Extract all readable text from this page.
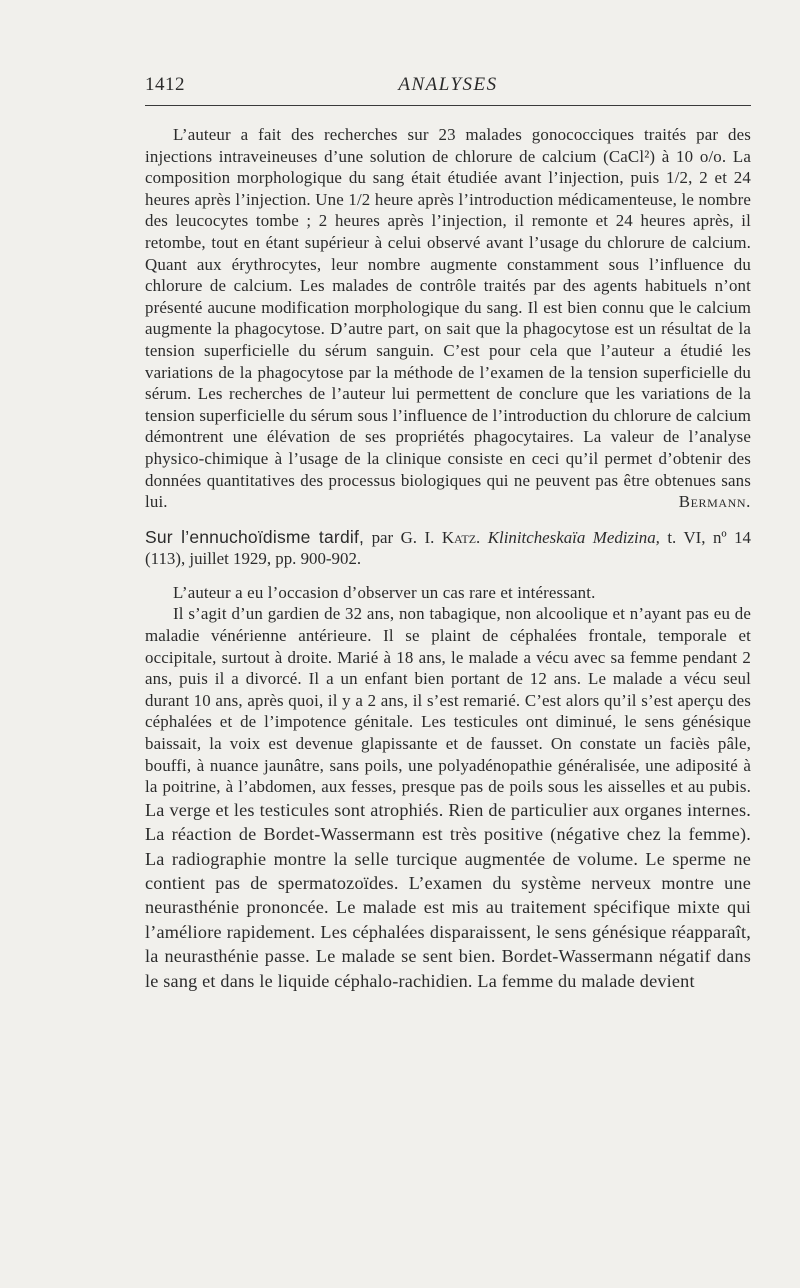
1412	ANALYSES

L’auteur a fait des recherches sur 23 malades gonococciques traités par des injections intraveineuses d’une solution de chlorure de calcium (CaCl²) à 10 o/o. La composition morphologique du sang était étudiée avant l’injection, puis 1/2, 2 et 24 heures après l’injection. Une 1/2 heure après l’introduction médicamenteuse, le nombre des leucocytes tombe ; 2 heures après l’injection, il remonte et 24 heures après, il retombe, tout en étant supérieur à celui observé avant l’usage du chlorure de calcium. Quant aux érythrocytes, leur nombre augmente constamment sous l’influence du chlorure de calcium. Les malades de contrôle traités par des agents habituels n’ont présenté aucune modification morphologique du sang. Il est bien connu que le calcium augmente la phagocytose. D’autre part, on sait que la phagocytose est un résultat de la tension superficielle du sérum sanguin. C’est pour cela que l’auteur a étudié les variations de la phagocytose par la méthode de l’examen de la tension superficielle du sérum. Les recherches de l’auteur lui permettent de conclure que les variations de la tension superficielle du sérum sous l’influence de l’introduction du chlorure de calcium démontrent une élévation de ses propriétés phagocytaires. La valeur de l’analyse physico-chimique à l’usage de la clinique consiste en ceci qu’il permet d’obtenir des données quantitatives des processus biologiques qui ne peuvent pas être obtenues sans lui.	Bermann.

Sur l’ennuchoïdisme tardif, par G. I. Katz. Klinitcheskaïa Medizina, t. VI, nº 14 (113), juillet 1929, pp. 900-902.

L’auteur a eu l’occasion d’observer un cas rare et intéressant.

Il s’agit d’un gardien de 32 ans, non tabagique, non alcoolique et n’ayant pas eu de maladie vénérienne antérieure. Il se plaint de céphalées frontale, temporale et occipitale, surtout à droite. Marié à 18 ans, le malade a vécu avec sa femme pendant 2 ans, puis il a divorcé. Il a un enfant bien portant de 12 ans. Le malade a vécu seul durant 10 ans, après quoi, il y a 2 ans, il s’est remarié. C’est alors qu’il s’est aperçu des céphalées et de l’impotence génitale. Les testicules ont diminué, le sens génésique baissait, la voix est devenue glapissante et de fausset. On constate un faciès pâle, bouffi, à nuance jaunâtre, sans poils, une polyadénopathie généralisée, une adiposité à la poitrine, à l’abdomen, aux fesses, presque pas de poils sous les aisselles et au pubis. La verge et les testicules sont atrophiés. Rien de particulier aux organes internes. La réaction de Bordet-Wassermann est très positive (négative chez la femme). La radiographie montre la selle turcique augmentée de volume. Le sperme ne contient pas de spermatozoïdes. L’examen du système nerveux montre une neurasthénie prononcée. Le malade est mis au traitement spécifique mixte qui l’améliore rapidement. Les céphalées disparaissent, le sens génésique réapparaît, la neurasthénie passe. Le malade se sent bien. Bordet-Wassermann négatif dans le sang et dans le liquide céphalo-rachidien. La femme du malade devient
